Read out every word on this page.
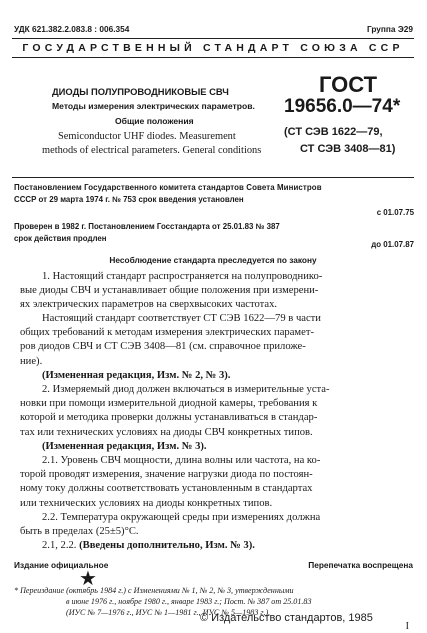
УДК 621.382.2.083.8 : 006.354	Группа Э29
ГОСУДАРСТВЕННЫЙ СТАНДАРТ СОЮЗА ССР
ДИОДЫ ПОЛУПРОВОДНИКОВЫЕ СВЧ
Методы измерения электрических параметров.
Общие положения
Semiconductor UHF diodes. Measurement
methods of electrical parameters. General conditions
ГОСТ
19656.0—74*
(СТ СЭВ 1622—79,
СТ СЭВ 3408—81)
Постановлением Государственного комитета стандартов Совета Министров
СССР от 29 марта 1974 г. № 753 срок введения установлен
с 01.07.75
Проверен в 1982 г. Постановлением Госстандарта от 25.01.83 № 387
срок действия продлен
до 01.07.87
Несоблюдение стандарта преследуется по закону
1. Настоящий стандарт распространяется на полупроводнико-
вые диоды СВЧ и устанавливает общие положения при измерени-
ях электрических параметров на сверхвысоких частотах.
Настоящий стандарт соответствует СТ СЭВ 1622—79 в части
общих требований к методам измерения электрических парамет-
ров диодов СВЧ и СТ СЭВ 3408—81 (см. справочное приложе-
ние).
(Измененная редакция, Изм. № 2, № 3).
2. Измеряемый диод должен включаться в измерительные уста-
новки при помощи измерительной диодной камеры, требования к
которой и методика проверки должны устанавливаться в стандар-
тах или технических условиях на диоды СВЧ конкретных типов.
(Измененная редакция, Изм. № 3).
2.1. Уровень СВЧ мощности, длина волны или частота, на ко-
торой проводят измерения, значение нагрузки диода по постоян-
ному току должны соответствовать установленным в стандартах
или технических условиях на диоды конкретных типов.
2.2. Температура окружающей среды при измерениях должна
быть в пределах (25±5)°C.
2.1, 2.2. (Введены дополнительно, Изм. № 3).
Издание официальное	Перепечатка воспрещена
★
* Переиздание (октябрь 1984 г.) с Изменениями № 1, № 2, № 3, утвержденными
в июне 1976 г., ноябре 1980 г., январе 1983 г.; Пост. № 387 от 25.01.83
(ИУС № 7—1976 г., ИУС № 1—1981 г., ИУС № 5—1983 г.).
© Издательство стандартов, 1985
I
